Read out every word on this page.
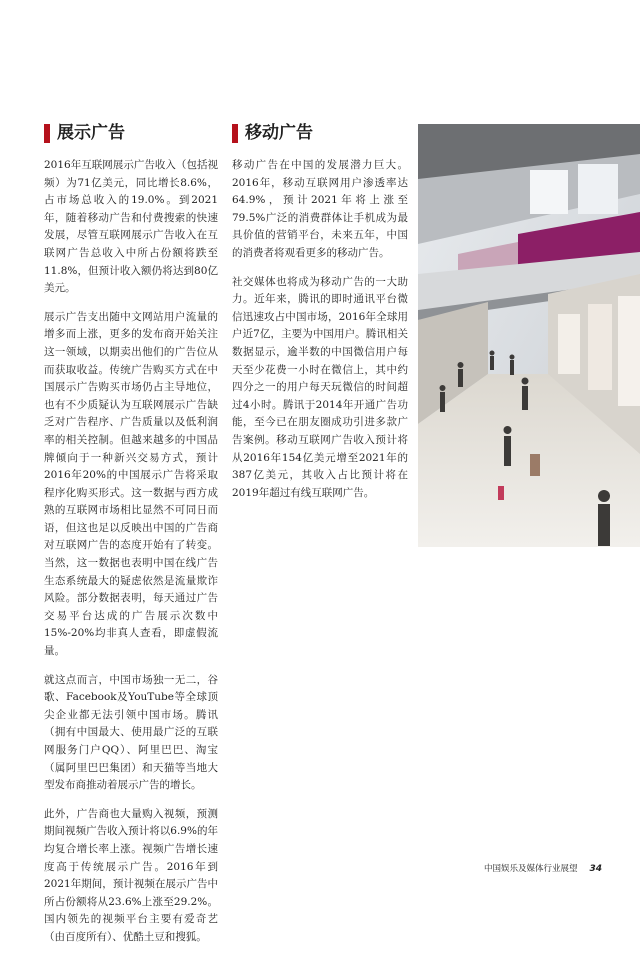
展示广告

2016年互联网展示广告收入（包括视频）为71亿美元，同比增长8.6%，占市场总收入的19.0%。到2021年，随着移动广告和付费搜索的快速发展，尽管互联网展示广告收入在互联网广告总收入中所占份额将跌至11.8%，但预计收入额仍将达到80亿美元。

展示广告支出随中文网站用户流量的增多而上涨，更多的发布商开始关注这一领域，以期卖出他们的广告位从而获取收益。传统广告购买方式在中国展示广告购买市场仍占主导地位，也有不少质疑认为互联网展示广告缺乏对广告程序、广告质量以及低利润率的相关控制。但越来越多的中国品牌倾向于一种新兴交易方式，预计2016年20%的中国展示广告将采取程序化购买形式。这一数据与西方成熟的互联网市场相比显然不可同日而语，但这也足以反映出中国的广告商对互联网广告的态度开始有了转变。当然，这一数据也表明中国在线广告生态系统最大的疑虑依然是流量欺诈风险。部分数据表明，每天通过广告交易平台达成的广告展示次数中15%-20%均非真人查看，即虚假流量。

就这点而言，中国市场独一无二，谷歌、Facebook及YouTube等全球顶尖企业都无法引领中国市场。腾讯（拥有中国最大、使用最广泛的互联网服务门户QQ）、阿里巴巴、淘宝（属阿里巴巴集团）和天猫等当地大型发布商推动着展示广告的增长。

此外，广告商也大量购入视频，预测期间视频广告收入预计将以6.9%的年均复合增长率上涨。视频广告增长速度高于传统展示广告。2016年到2021年期间，预计视频在展示广告中所占份额将从23.6%上涨至29.2%。国内领先的视频平台主要有爱奇艺（由百度所有）、优酷土豆和搜狐。

移动广告

移动广告在中国的发展潜力巨大。2016年，移动互联网用户渗透率达64.9%，预计2021年将上涨至79.5%广泛的消费群体让手机成为最具价值的营销平台，未来五年，中国的消费者将观看更多的移动广告。

社交媒体也将成为移动广告的一大助力。近年来，腾讯的即时通讯平台微信迅速攻占中国市场，2016年全球用户近7亿，主要为中国用户。腾讯相关数据显示，逾半数的中国微信用户每天至少花费一小时在微信上，其中约四分之一的用户每天玩微信的时间超过4小时。腾讯于2014年开通广告功能，至今已在朋友圈成功引进多款广告案例。移动互联网广告收入预计将从2016年154亿美元增至2021年的387亿美元，其收入占比预计将在2019年超过有线互联网广告。

中国娱乐及媒体行业展望 34
